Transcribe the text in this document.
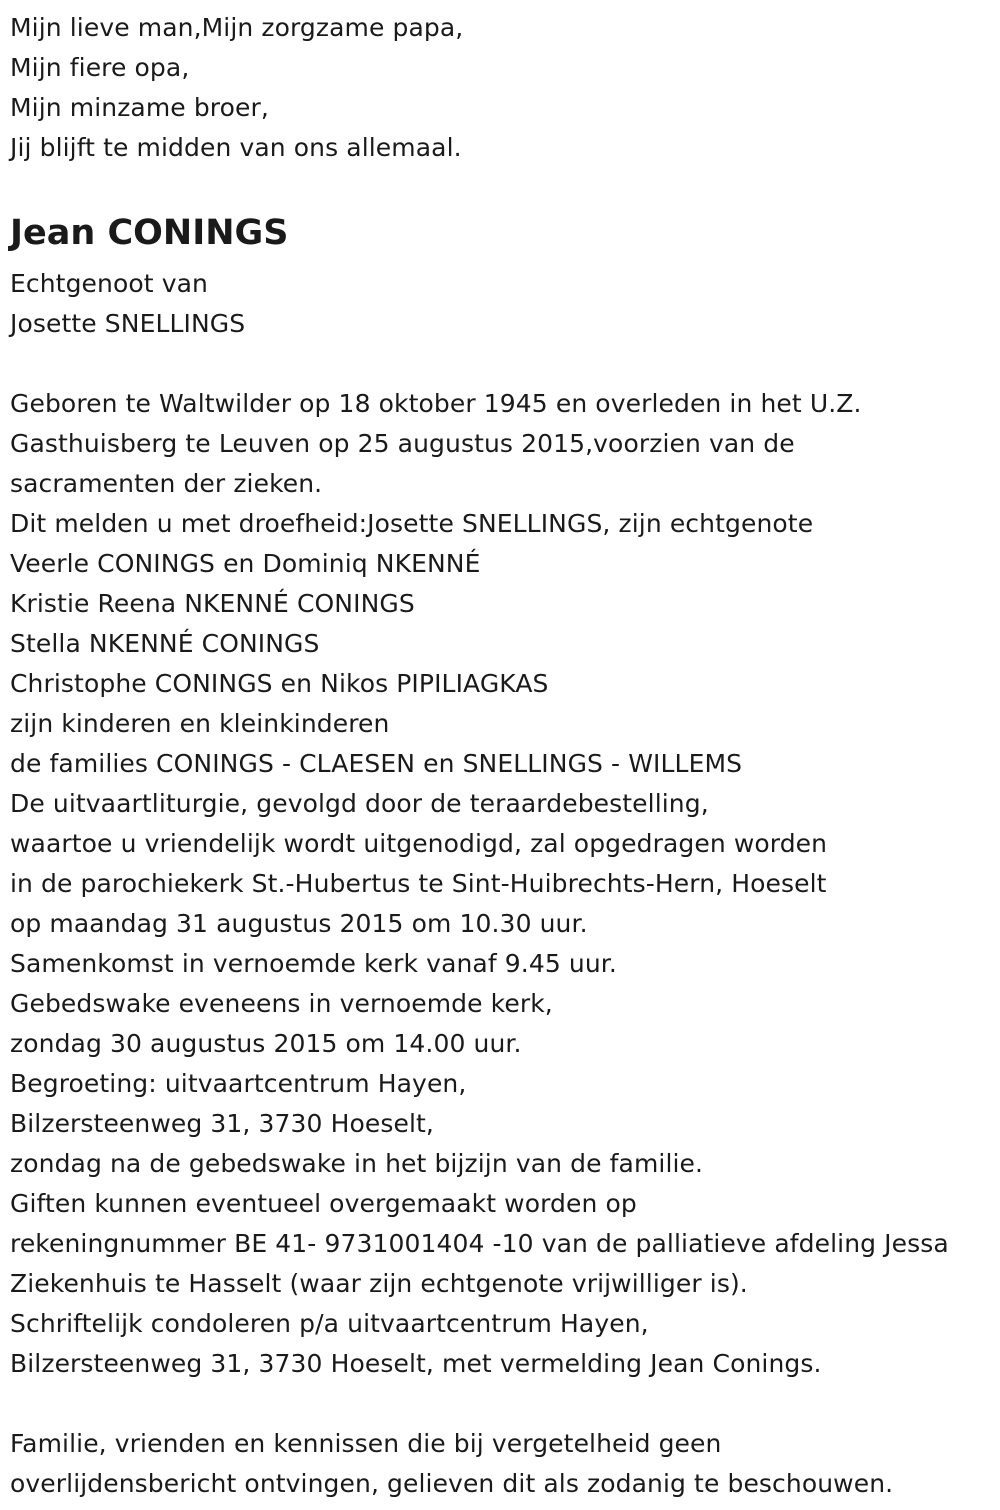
Mijn lieve man,Mijn zorgzame papa,
Mijn fiere opa,
Mijn minzame broer,
Jij blijft te midden van ons allemaal.
Jean CONINGS
Echtgenoot van
Josette SNELLINGS
Geboren te Waltwilder op 18 oktober 1945 en overleden in het U.Z.
Gasthuisberg te Leuven op 25 augustus 2015,voorzien van de
sacramenten der zieken.
Dit melden u met droefheid:Josette SNELLINGS, zijn echtgenote
Veerle CONINGS en Dominiq NKENNÉ
Kristie Reena NKENNÉ CONINGS
Stella NKENNÉ CONINGS
Christophe CONINGS en Nikos PIPILIAGKAS
zijn kinderen en kleinkinderen
de families CONINGS - CLAESEN en SNELLINGS - WILLEMS
De uitvaartliturgie, gevolgd door de teraardebestelling,
waartoe u vriendelijk wordt uitgenodigd, zal opgedragen worden
in de parochiekerk St.-Hubertus te Sint-Huibrechts-Hern, Hoeselt
op maandag 31 augustus 2015 om 10.30 uur.
Samenkomst in vernoemde kerk vanaf 9.45 uur.
Gebedswake eveneens in vernoemde kerk,
zondag 30 augustus 2015 om 14.00 uur.
Begroeting: uitvaartcentrum Hayen,
Bilzersteenweg 31, 3730 Hoeselt,
zondag na de gebedswake in het bijzijn van de familie.
Giften kunnen eventueel overgemaakt worden op
rekeningnummer BE 41- 9731001404 -10 van de palliatieve afdeling Jessa
Ziekenhuis te Hasselt (waar zijn echtgenote vrijwilliger is).
Schriftelijk condoleren p/a uitvaartcentrum Hayen,
Bilzersteenweg 31, 3730 Hoeselt, met vermelding Jean Conings.
Familie, vrienden en kennissen die bij vergetelheid geen
overlijdensbericht ontvingen, gelieven dit als zodanig te beschouwen.
